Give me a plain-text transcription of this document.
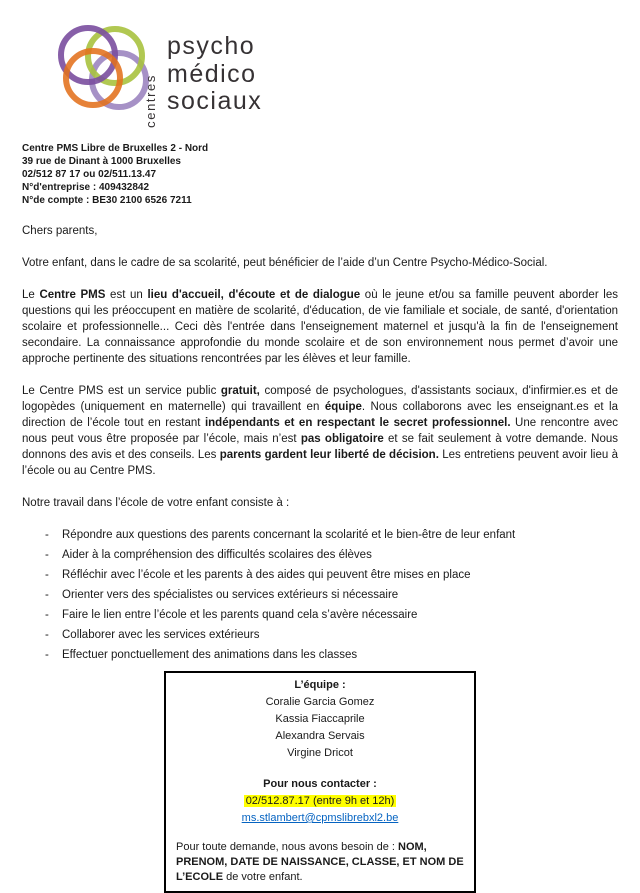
centres
psycho
médico
sociaux
Centre PMS Libre de Bruxelles 2 - Nord
39 rue de Dinant à 1000 Bruxelles
02/512 87 17 ou 02/511.13.47
N°d'entreprise : 409432842
N°de compte : BE30 2100 6526 7211

Chers parents,

Votre enfant, dans le cadre de sa scolarité, peut bénéficier de l’aide d’un Centre Psycho-Médico-Social.

Le Centre PMS est un lieu d'accueil, d'écoute et de dialogue où le jeune et/ou sa famille peuvent aborder les questions qui les préoccupent en matière de scolarité, d'éducation, de vie familiale et sociale, de santé, d'orientation scolaire et professionnelle... Ceci dès l'entrée dans l'enseignement maternel et jusqu'à la fin de l'enseignement secondaire. La connaissance approfondie du monde scolaire et de son environnement nous permet d’avoir une approche pertinente des situations rencontrées par les élèves et leur famille.

Le Centre PMS est un service public gratuit, composé de psychologues, d'assistants sociaux, d'infirmier.es et de logopèdes (uniquement en maternelle) qui travaillent en équipe. Nous collaborons avec les enseignant.es et la direction de l’école tout en restant indépendants et en respectant le secret professionnel. Une rencontre avec nous peut vous être proposée par l’école, mais n’est pas obligatoire et se fait seulement à votre demande. Nous donnons des avis et des conseils. Les parents gardent leur liberté de décision. Les entretiens peuvent avoir lieu à l’école ou au Centre PMS.

Notre travail dans l’école de votre enfant consiste à :

- Répondre aux questions des parents concernant la scolarité et le bien-être de leur enfant
- Aider à la compréhension des difficultés scolaires des élèves
- Réfléchir avec l’école et les parents à des aides qui peuvent être mises en place
- Orienter vers des spécialistes ou services extérieurs si nécessaire
- Faire le lien entre l’école et les parents quand cela s’avère nécessaire
- Collaborer avec les services extérieurs
- Effectuer ponctuellement des animations dans les classes
L’équipe :
Coralie Garcia Gomez
Kassia Fiaccaprile
Alexandra Servais
Virgine Dricot
Pour nous contacter :
02/512.87.17 (entre 9h et 12h)
ms.stlambert@cpmslibrebxl2.be

Pour toute demande, nous avons besoin de : NOM, PRENOM, DATE DE NAISSANCE, CLASSE, ET NOM DE L’ECOLE de votre enfant.
